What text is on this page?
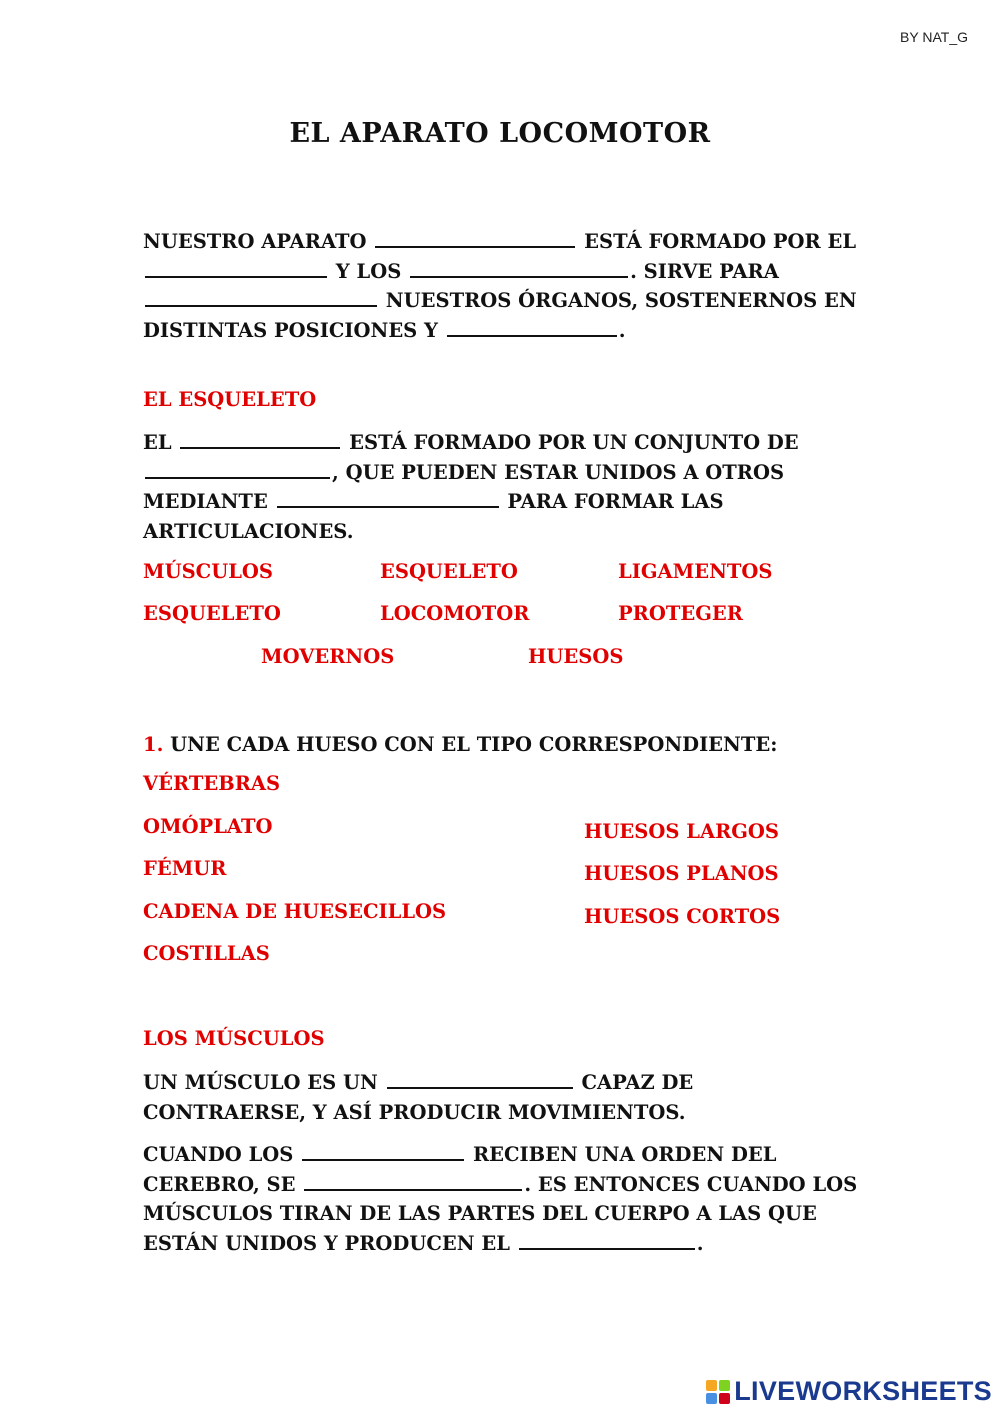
BY NAT_G
EL APARATO LOCOMOTOR
NUESTRO APARATO	ESTÁ FORMADO POR EL  Y LOS	. SIRVE PARA  NUESTROS ÓRGANOS, SOSTENERNOS EN DISTINTAS POSICIONES Y	.
EL ESQUELETO
EL	ESTÁ FORMADO POR UN CONJUNTO DE , QUE PUEDEN ESTAR UNIDOS A OTROS MEDIANTE	PARA FORMAR LAS ARTICULACIONES.
MÚSCULOS	ESQUELETO	LIGAMENTOS
ESQUELETO	LOCOMOTOR	PROTEGER
MOVERNOS	HUESOS
1. UNE CADA HUESO CON EL TIPO CORRESPONDIENTE:
VÉRTEBRAS
OMÓPLATO
FÉMUR
CADENA DE HUESECILLOS
COSTILLAS
HUESOS LARGOS
HUESOS PLANOS
HUESOS CORTOS
LOS MÚSCULOS
UN MÚSCULO ES UN	CAPAZ DE CONTRAERSE, Y ASÍ PRODUCIR MOVIMIENTOS.
CUANDO LOS	RECIBEN UNA ORDEN DEL CEREBRO, SE	. ES ENTONCES CUANDO LOS MÚSCULOS TIRAN DE LAS PARTES DEL CUERPO A LAS QUE ESTÁN UNIDOS Y PRODUCEN EL	.
LIVEWORKSHEETS
